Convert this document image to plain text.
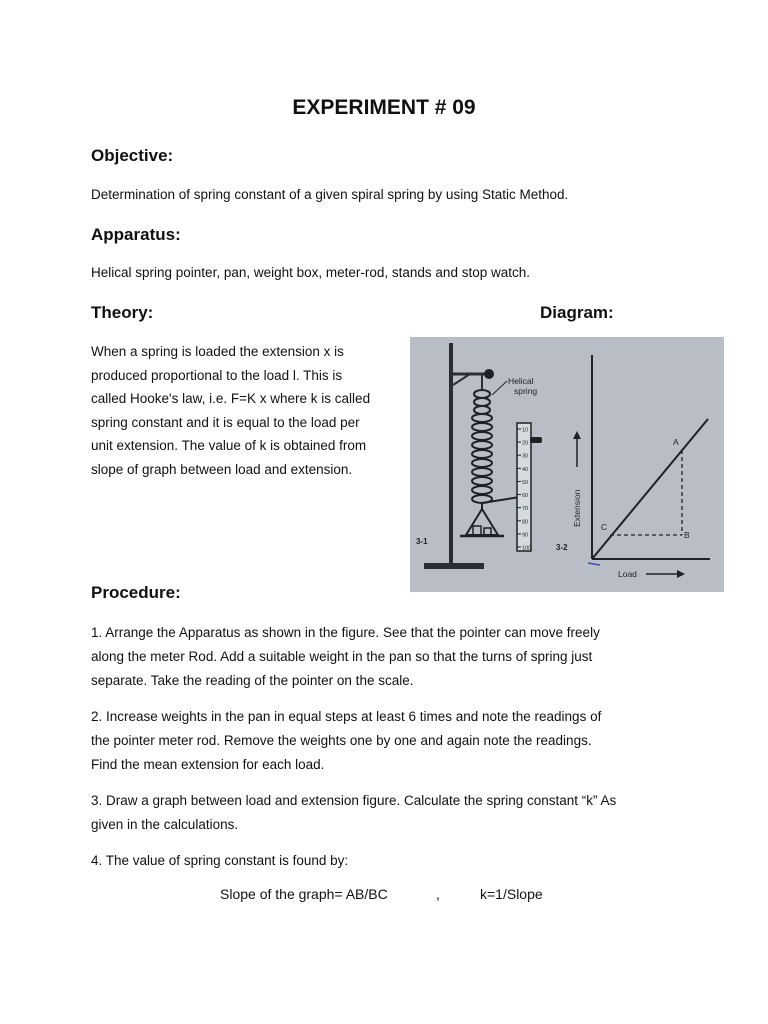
EXPERIMENT # 09
Objective:
Determination of spring constant of a given spiral spring by using Static Method.
Apparatus:
Helical spring pointer, pan, weight box, meter-rod, stands and stop watch.
Theory:	Diagram:
When a spring is loaded the extension x is
produced proportional to the load l. This is
called Hooke's law, i.e. F=K x where k is called
spring constant and it is equal to the load per
unit extension. The value of k is obtained from
slope of graph between load and extension.
10
20
30
40
50
60
70
80
90
100
Helical
spring
3-1
3-2
Extension
Load
A
B
C
Procedure:
1. Arrange the Apparatus as shown in the figure. See that the pointer can move freely
along the meter Rod. Add a suitable weight in the pan so that the turns of spring just
separate. Take the reading of the pointer on the scale.
2. Increase weights in the pan in equal steps at least 6 times and note the readings of
the pointer meter rod. Remove the weights one by one and again note the readings.
Find the mean extension for each load.
3. Draw a graph between load and extension figure. Calculate the spring constant “k” As
given in the calculations.
4. The value of spring constant is found by:
Slope of the graph= AB/BC	,	k=1/Slope
